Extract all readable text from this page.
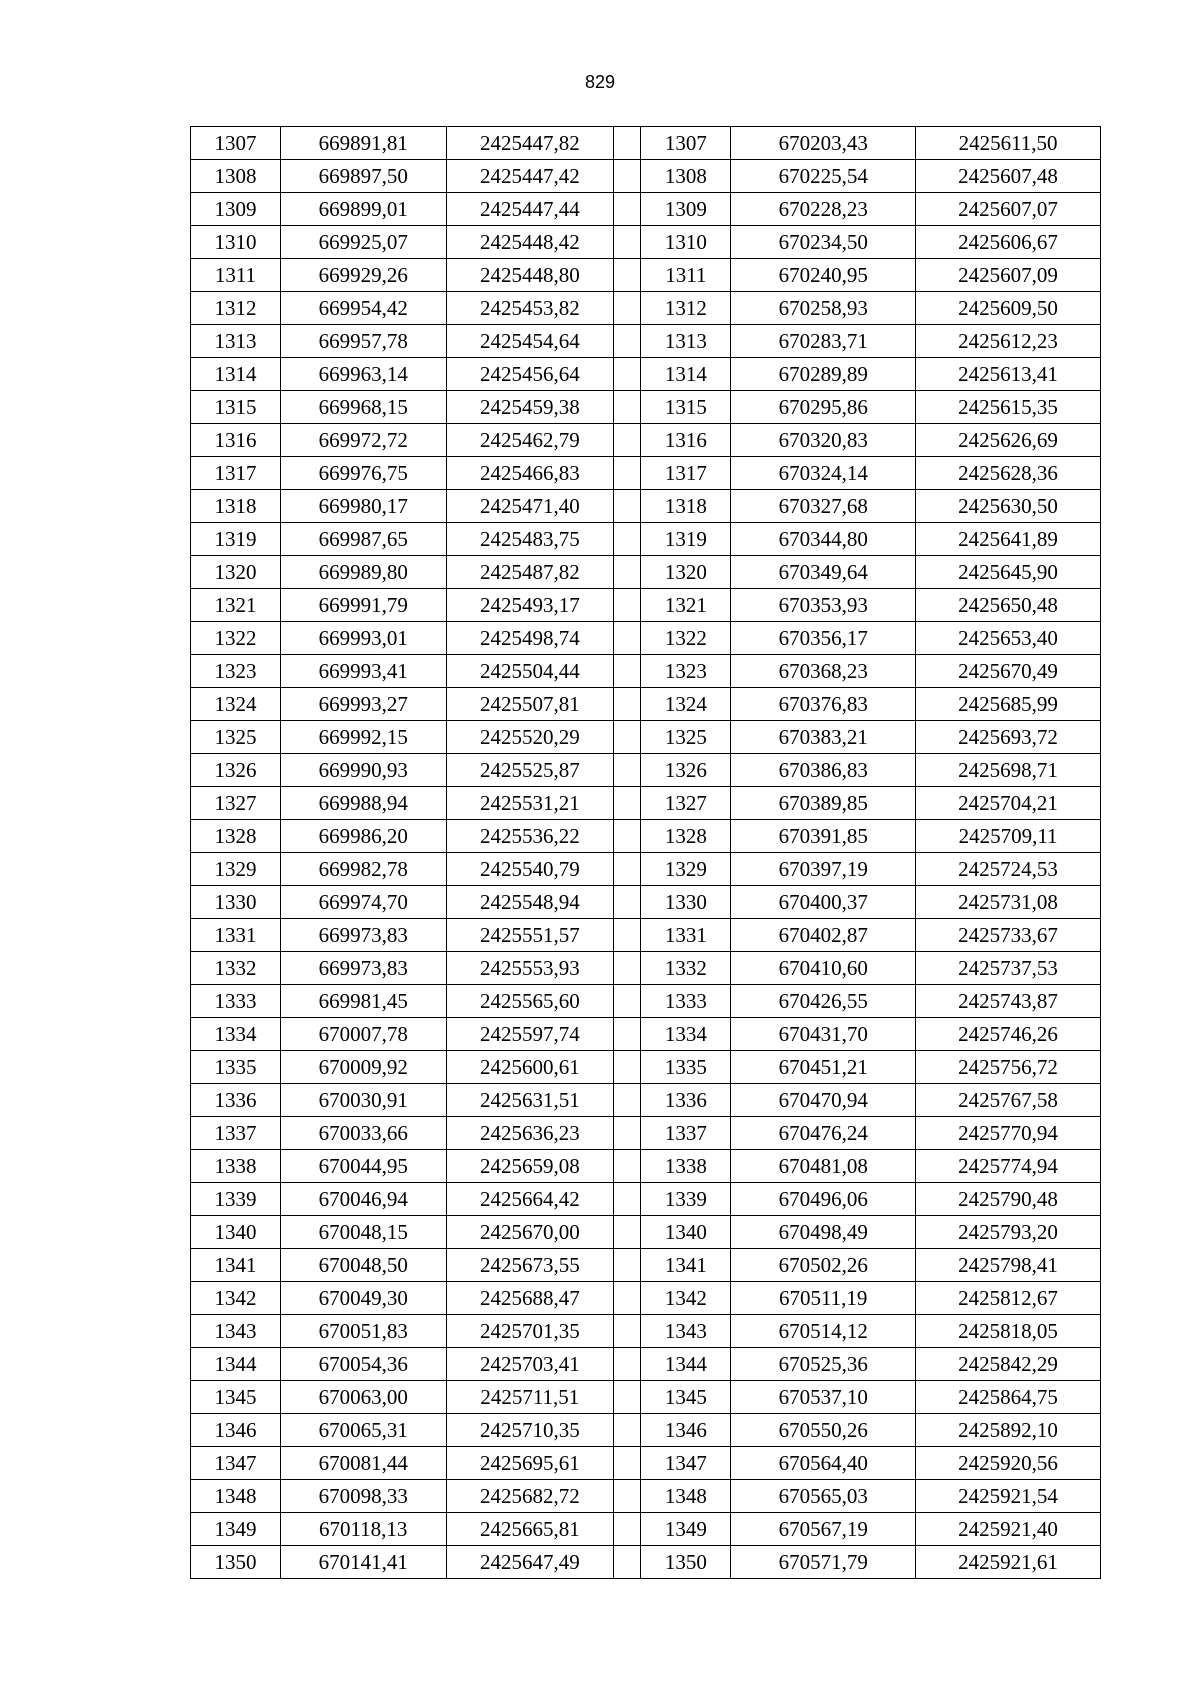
829
1307	669891,81	2425447,82		1307	670203,43	2425611,50
1308	669897,50	2425447,42		1308	670225,54	2425607,48
1309	669899,01	2425447,44		1309	670228,23	2425607,07
1310	669925,07	2425448,42		1310	670234,50	2425606,67
1311	669929,26	2425448,80		1311	670240,95	2425607,09
1312	669954,42	2425453,82		1312	670258,93	2425609,50
1313	669957,78	2425454,64		1313	670283,71	2425612,23
1314	669963,14	2425456,64		1314	670289,89	2425613,41
1315	669968,15	2425459,38		1315	670295,86	2425615,35
1316	669972,72	2425462,79		1316	670320,83	2425626,69
1317	669976,75	2425466,83		1317	670324,14	2425628,36
1318	669980,17	2425471,40		1318	670327,68	2425630,50
1319	669987,65	2425483,75		1319	670344,80	2425641,89
1320	669989,80	2425487,82		1320	670349,64	2425645,90
1321	669991,79	2425493,17		1321	670353,93	2425650,48
1322	669993,01	2425498,74		1322	670356,17	2425653,40
1323	669993,41	2425504,44		1323	670368,23	2425670,49
1324	669993,27	2425507,81		1324	670376,83	2425685,99
1325	669992,15	2425520,29		1325	670383,21	2425693,72
1326	669990,93	2425525,87		1326	670386,83	2425698,71
1327	669988,94	2425531,21		1327	670389,85	2425704,21
1328	669986,20	2425536,22		1328	670391,85	2425709,11
1329	669982,78	2425540,79		1329	670397,19	2425724,53
1330	669974,70	2425548,94		1330	670400,37	2425731,08
1331	669973,83	2425551,57		1331	670402,87	2425733,67
1332	669973,83	2425553,93		1332	670410,60	2425737,53
1333	669981,45	2425565,60		1333	670426,55	2425743,87
1334	670007,78	2425597,74		1334	670431,70	2425746,26
1335	670009,92	2425600,61		1335	670451,21	2425756,72
1336	670030,91	2425631,51		1336	670470,94	2425767,58
1337	670033,66	2425636,23		1337	670476,24	2425770,94
1338	670044,95	2425659,08		1338	670481,08	2425774,94
1339	670046,94	2425664,42		1339	670496,06	2425790,48
1340	670048,15	2425670,00		1340	670498,49	2425793,20
1341	670048,50	2425673,55		1341	670502,26	2425798,41
1342	670049,30	2425688,47		1342	670511,19	2425812,67
1343	670051,83	2425701,35		1343	670514,12	2425818,05
1344	670054,36	2425703,41		1344	670525,36	2425842,29
1345	670063,00	2425711,51		1345	670537,10	2425864,75
1346	670065,31	2425710,35		1346	670550,26	2425892,10
1347	670081,44	2425695,61		1347	670564,40	2425920,56
1348	670098,33	2425682,72		1348	670565,03	2425921,54
1349	670118,13	2425665,81		1349	670567,19	2425921,40
1350	670141,41	2425647,49		1350	670571,79	2425921,61
